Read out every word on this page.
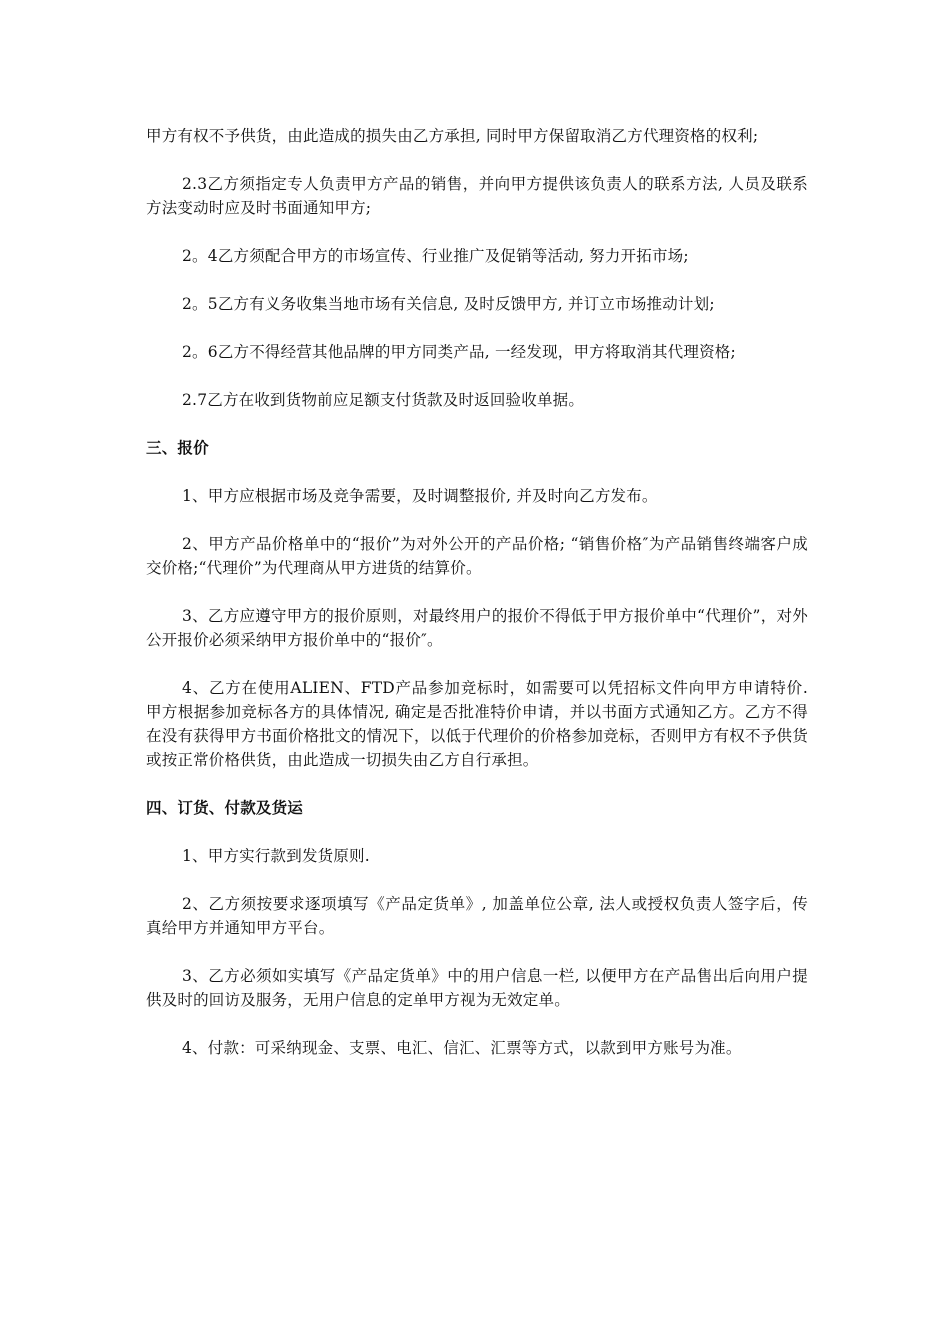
甲方有权不予供货，由此造成的损失由乙方承担, 同时甲方保留取消乙方代理资格的权利;

2.3乙方须指定专人负责甲方产品的销售，并向甲方提供该负责人的联系方法, 人员及联系方法变动时应及时书面通知甲方;

2。4乙方须配合甲方的市场宣传、行业推广及促销等活动, 努力开拓市场;

2。5乙方有义务收集当地市场有关信息, 及时反馈甲方, 并订立市场推动计划;

2。6乙方不得经营其他品牌的甲方同类产品, 一经发现，甲方将取消其代理资格;

2.7乙方在收到货物前应足额支付货款及时返回验收单据。

三、报价

1、甲方应根据市场及竞争需要，及时调整报价, 并及时向乙方发布。

2、甲方产品价格单中的“报价”为对外公开的产品价格; “销售价格″为产品销售终端客户成交价格;“代理价”为代理商从甲方进货的结算价。

3、乙方应遵守甲方的报价原则，对最终用户的报价不得低于甲方报价单中“代理价”，对外公开报价必须采纳甲方报价单中的“报价″。

4、乙方在使用ALIEN、FTD产品参加竞标时，如需要可以凭招标文件向甲方申请特价. 甲方根据参加竞标各方的具体情况, 确定是否批准特价申请，并以书面方式通知乙方。乙方不得在没有获得甲方书面价格批文的情况下，以低于代理价的价格参加竞标，否则甲方有权不予供货或按正常价格供货，由此造成一切损失由乙方自行承担。

四、订货、付款及货运

1、甲方实行款到发货原则.

2、乙方须按要求逐项填写《产品定货单》, 加盖单位公章, 法人或授权负责人签字后，传真给甲方并通知甲方平台。

3、乙方必须如实填写《产品定货单》中的用户信息一栏, 以便甲方在产品售出后向用户提供及时的回访及服务，无用户信息的定单甲方视为无效定单。

4、付款：可采纳现金、支票、电汇、信汇、汇票等方式，以款到甲方账号为准。
